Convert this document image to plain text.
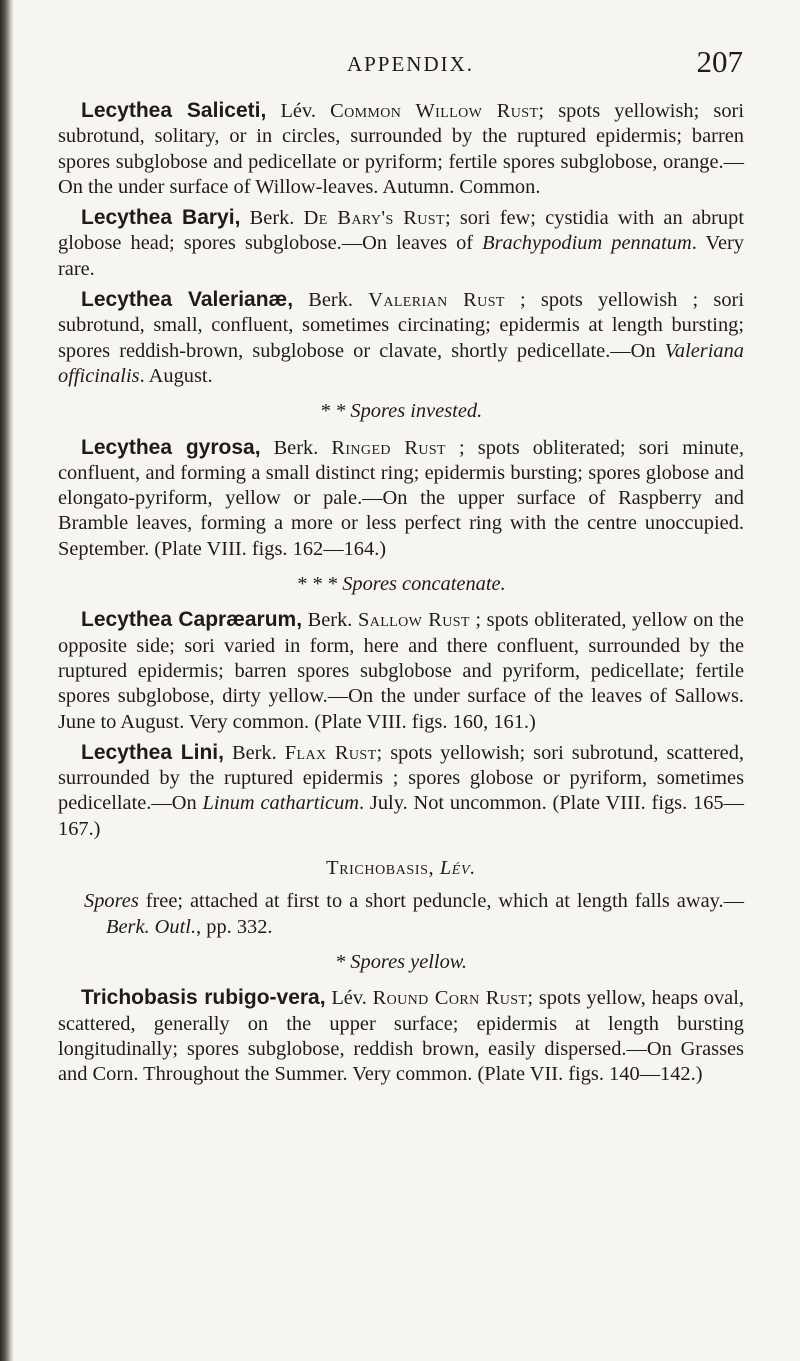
APPENDIX.	207

Lecythea Saliceti, Lév. Common Willow Rust; spots yellowish; sori subrotund, solitary, or in circles, surrounded by the ruptured epidermis; barren spores subglobose and pedicellate or pyriform; fertile spores subglobose, orange.—On the under surface of Willow-leaves. Autumn. Common.

Lecythea Baryi, Berk. De Bary's Rust; sori few; cystidia with an abrupt globose head; spores subglobose.—On leaves of Brachypodium pennatum. Very rare.

Lecythea Valerianæ, Berk. Valerian Rust ; spots yellowish ; sori subrotund, small, confluent, sometimes circinating; epidermis at length bursting; spores reddish-brown, subglobose or clavate, shortly pedicellate.—On Valeriana officinalis. August.

* * Spores invested.

Lecythea gyrosa, Berk. Ringed Rust ; spots obliterated; sori minute, confluent, and forming a small distinct ring; epidermis bursting; spores globose and elongato-pyriform, yellow or pale.—On the upper surface of Raspberry and Bramble leaves, forming a more or less perfect ring with the centre unoccupied. September. (Plate VIII. figs. 162—164.)

* * * Spores concatenate.

Lecythea Capræarum, Berk. Sallow Rust ; spots obliterated, yellow on the opposite side; sori varied in form, here and there confluent, surrounded by the ruptured epidermis; barren spores subglobose and pyriform, pedicellate; fertile spores subglobose, dirty yellow.—On the under surface of the leaves of Sallows. June to August. Very common. (Plate VIII. figs. 160, 161.)

Lecythea Lini, Berk. Flax Rust; spots yellowish; sori subrotund, scattered, surrounded by the ruptured epidermis ; spores globose or pyriform, sometimes pedicellate.—On Linum catharticum. July. Not uncommon. (Plate VIII. figs. 165—167.)

Trichobasis, Lév.

Spores free; attached at first to a short peduncle, which at length falls away.—Berk. Outl., pp. 332.

* Spores yellow.

Trichobasis rubigo-vera, Lév. Round Corn Rust; spots yellow, heaps oval, scattered, generally on the upper surface; epidermis at length bursting longitudinally; spores subglobose, reddish brown, easily dispersed.—On Grasses and Corn. Throughout the Summer. Very common. (Plate VII. figs. 140—142.)
